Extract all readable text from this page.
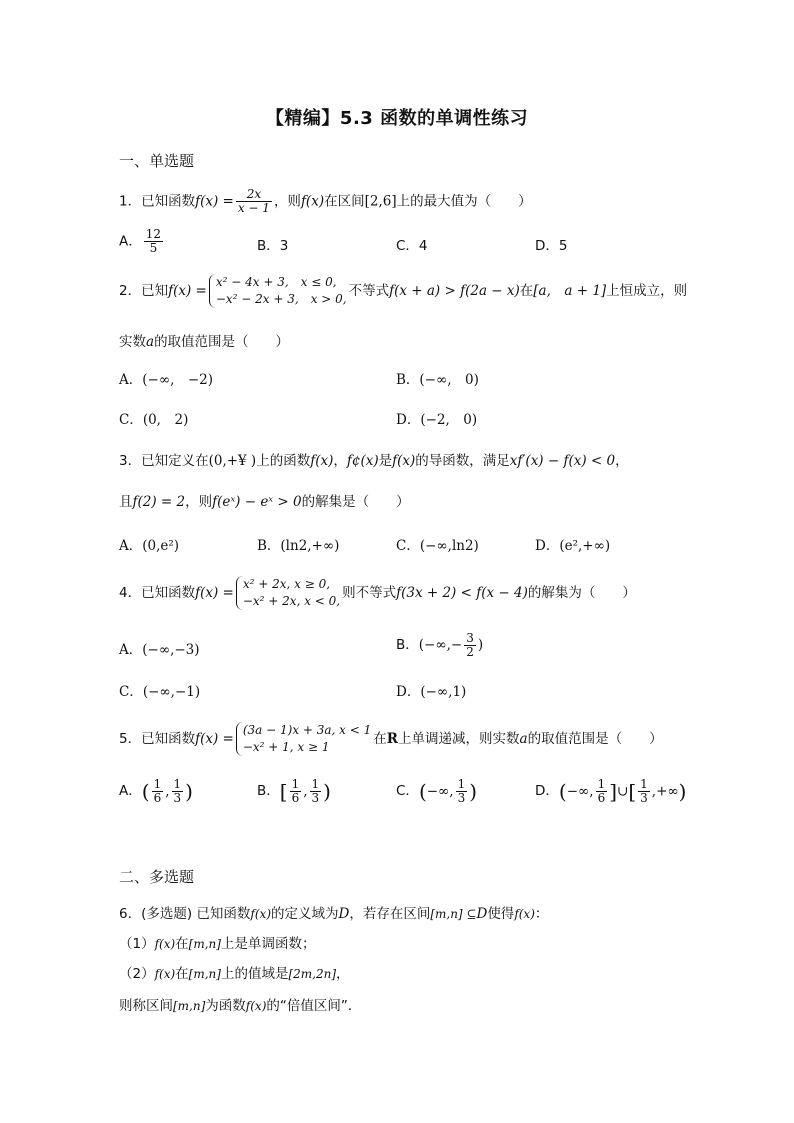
【精编】5.3 函数的单调性练习
一、单选题
1．已知函数$f(x) = \frac{2x}{x - 1}$ ，则f(x)在区间[2,6]上的最大值为（　　）
A． $\frac{12}{5}$	B．3	C．4	D．5
2．已知f(x) =
x² − 4x + 3,　x ≤ 0,
−x² − 2x + 3,　x > 0, 不等式f(x + a) > f(2a − x)在[a,　a + 1]上恒成立，则
实数a的取值范围是（　　）
A．(−∞,　−2)	B．(−∞,　0)
C．(0,　2)	D．(−2,　0)
3．已知定义在(0,+¥ )上的函数f(x)，f¢(x)是f(x)的导函数，满足xf′(x) − f(x) < 0，
且f(2) = 2，则f(eˣ) − eˣ > 0的解集是（　　）
A．(0,e²)	B．(ln2,+∞)	C．(−∞,ln2)	D．(e²,+∞)
4．已知函数f(x) =
x² + 2x, x ≥ 0,
−x² + 2x, x < 0, 则不等式f(3x + 2) < f(x − 4)的解集为（　　）
A．(−∞,−3)	B．(−∞,− $\frac{3}{2}$ )
C．(−∞,−1)	D．(−∞,1)
5．已知函数f(x) =
(3a − 1)x + 3a, x < 1
−x² + 1, x ≥ 1	在R上单调递减，则实数a的取值范围是（　　）
A．( $\frac{1}{6}$ , $\frac{1}{3}$ )	B．[ $\frac{1}{6}$ , $\frac{1}{3}$ )	C．(−∞, $\frac{1}{3}$ )	D．(−∞, $\frac{1}{6}$ ]∪[ $\frac{1}{3}$ ,+∞)
二、多选题
6．(多选题) 已知函数f(x)的定义域为D，若存在区间[m,n] ⊆D使得f(x)：
（1）f(x)在[m,n]上是单调函数；
（2）f(x)在[m,n]上的值域是[2m,2n]，
则称区间[m,n]为函数f(x)的“倍值区间”．
